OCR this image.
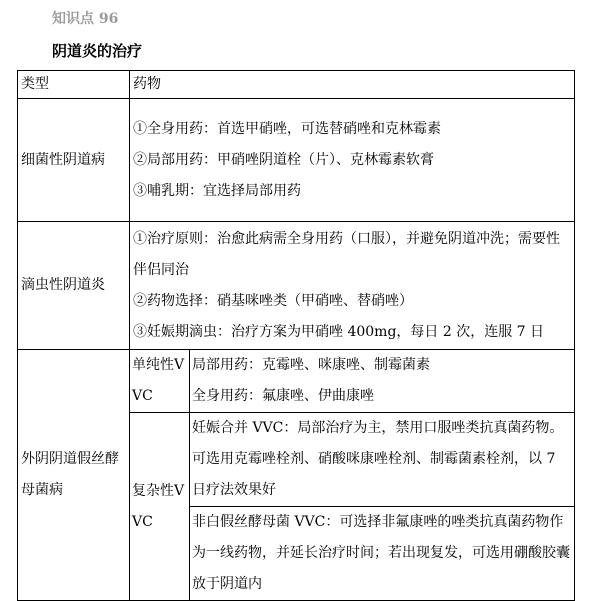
知识点 96
阴道炎的治疗
类型	药物	
细菌性阴道病	①全身用药：首选甲硝唑，可选替硝唑和克林霉素

②局部用药：甲硝唑阴道栓（片）、克林霉素软膏

③哺乳期：宜选择局部用药	

滴虫性阴道炎	①治疗原则：治愈此病需全身用药（口服），并避免阴道冲洗；需要性伴侣同治

②药物选择：硝基咪唑类（甲硝唑、替硝唑）

③妊娠期滴虫：治疗方案为甲硝唑 400mg，每日 2 次，连服 7 日	

外阴阴道假丝酵母菌病	单纯性VVC	局部用药：克霉唑、咪康唑、制霉菌素

全身用药：氟康唑、伊曲康唑

	复杂性VVC	妊娠合并 VVC：局部治疗为主，禁用口服唑类抗真菌药物。可选用克霉唑栓剂、硝酸咪康唑栓剂、制霉菌素栓剂，以 7 日疗法效果好

		非白假丝酵母菌 VVC：可选择非氟康唑的唑类抗真菌药物作为一线药物，并延长治疗时间；若出现复发，可选用硼酸胶囊放于阴道内
